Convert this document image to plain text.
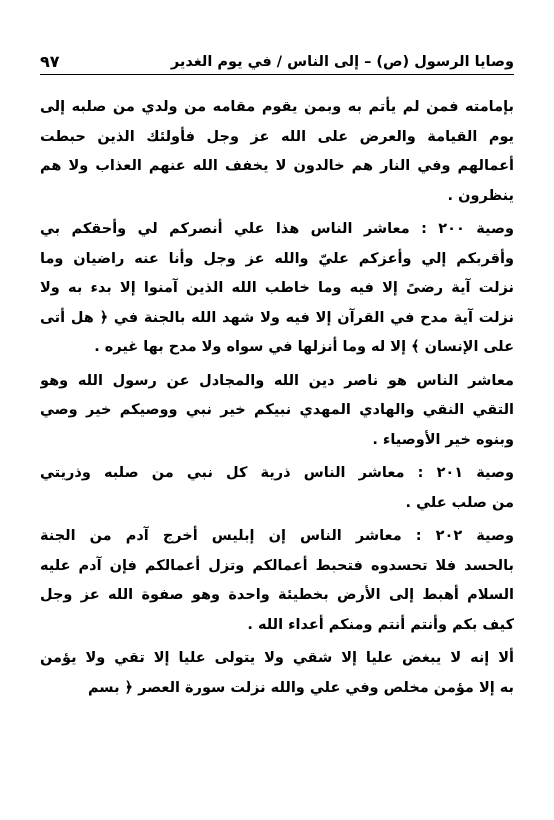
وصايا الرسول (ص) – إلى الناس / في يوم الغدير
٩٧
بإمامته فمن لم يأتم به وبمن يقوم مقامه من ولدي من صلبه إلى
يوم القيامة والعرض على الله عز وجل فأولئك الذين حبطت
أعمالهم وفي النار هم خالدون لا يخفف الله عنهم العذاب ولا هم
ينظرون .
وصية ٢٠٠ : معاشر الناس هذا علي أنصركم لي وأحقكم بي
وأقربكم إلي وأعزكم عليّ والله عز وجل وأنا عنه راضيان وما
نزلت آية رضىً إلا فيه وما خاطب الله الذين آمنوا إلا بدء به ولا
نزلت آية مدح في القرآن إلا فيه ولا شهد الله بالجنة في ﴿ هل أتى
على الإنسان ﴾ إلا له وما أنزلها في سواه ولا مدح بها غيره .
معاشر الناس هو ناصر دين الله والمجادل عن رسول الله وهو
التقي النقي والهادي المهدي نبيكم خير نبي ووصيكم خير وصي
وبنوه خير الأوصياء .
وصية ٢٠١ : معاشر الناس ذرية كل نبي من صلبه وذريتي
من صلب علي .
وصية ٢٠٢ : معاشر الناس إن إبليس أخرج آدم من الجنة
بالحسد فلا تحسدوه فتحبط أعمالكم وتزل أعمالكم فإن آدم عليه
السلام أهبط إلى الأرض بخطيئة واحدة وهو صفوة الله عز وجل
كيف بكم وأنتم أنتم ومنكم أعداء الله .
ألا إنه لا يبغض عليا إلا شقي ولا يتولى عليا إلا تقي ولا يؤمن
به إلا مؤمن مخلص وفي علي والله نزلت سورة العصر ﴿ بسم
